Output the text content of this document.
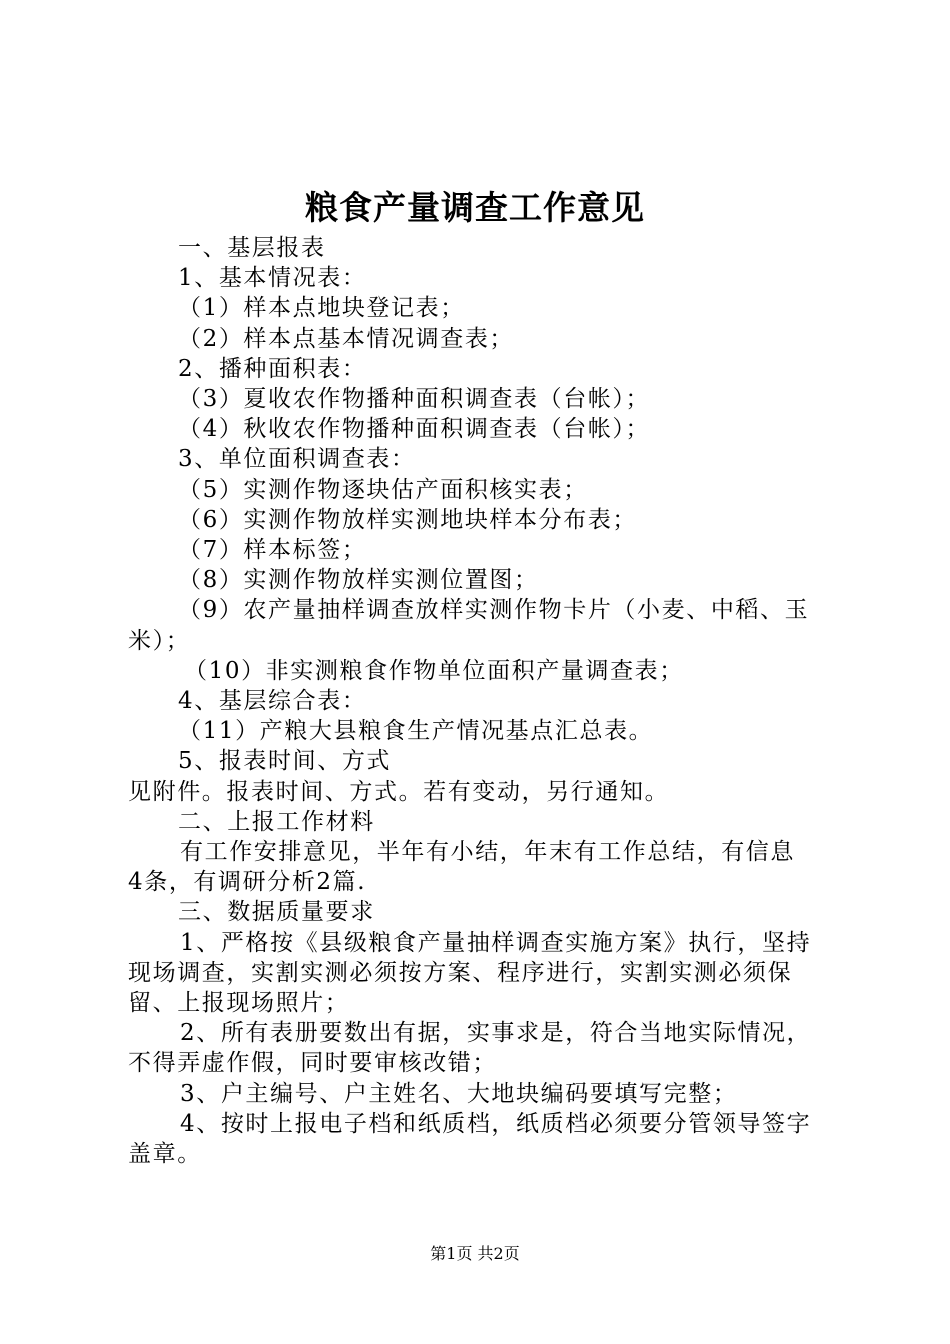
粮食产量调查工作意见
一、基层报表
1、基本情况表：
（1）样本点地块登记表；
（2）样本点基本情况调查表；
2、播种面积表：
（3）夏收农作物播种面积调查表（台帐）；
（4）秋收农作物播种面积调查表（台帐）；
3、单位面积调查表：
（5）实测作物逐块估产面积核实表；
（6）实测作物放样实测地块样本分布表；
（7）样本标签；
（8）实测作物放样实测位置图；
（9）农产量抽样调查放样实测作物卡片（小麦、中稻、玉
米）；
（10）非实测粮食作物单位面积产量调查表；
4、基层综合表：
（11）产粮大县粮食生产情况基点汇总表。
5、报表时间、方式
见附件。报表时间、方式。若有变动，另行通知。
二、上报工作材料
有工作安排意见，半年有小结，年末有工作总结，有信息
4条，有调研分析2篇.
三、数据质量要求
1、严格按《县级粮食产量抽样调查实施方案》执行，坚持
现场调查，实割实测必须按方案、程序进行，实割实测必须保
留、上报现场照片；
2、所有表册要数出有据，实事求是，符合当地实际情况，
不得弄虚作假，同时要审核改错；
3、户主编号、户主姓名、大地块编码要填写完整；
4、按时上报电子档和纸质档，纸质档必须要分管领导签字
盖章。
第1页 共2页
